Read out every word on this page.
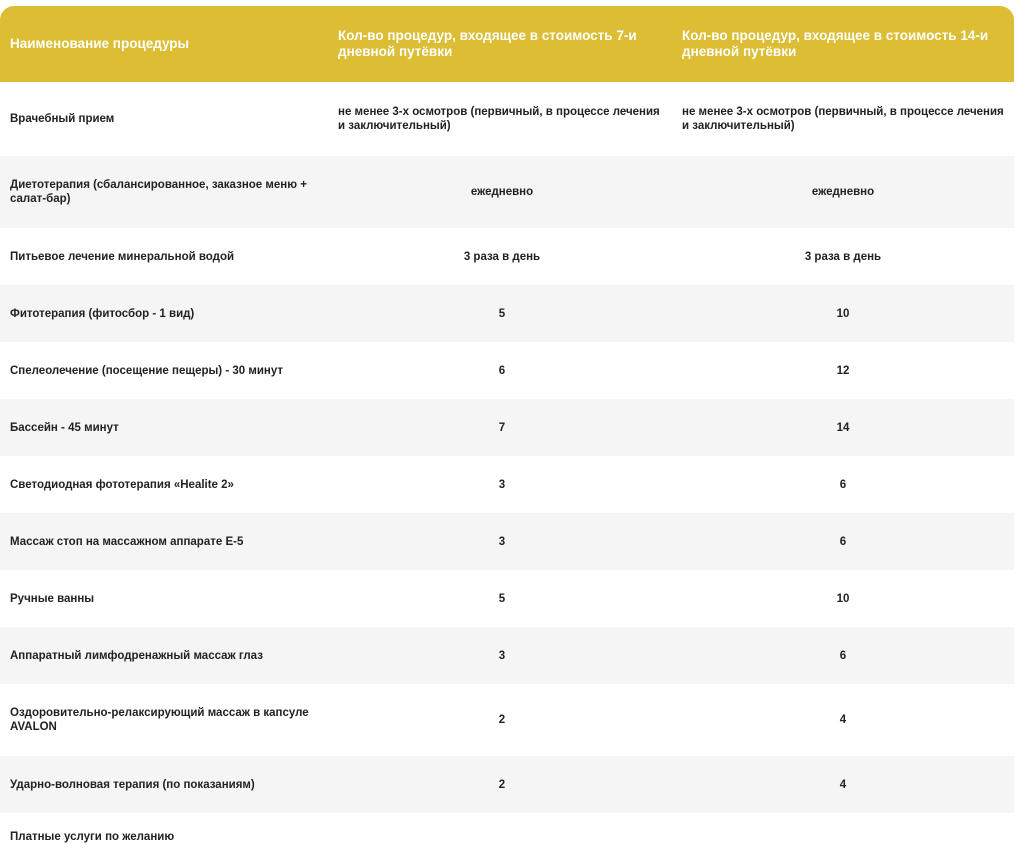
Наименование процедуры	Кол-во процедур, входящее в стоимость 7-и дневной путёвки	Кол-во процедур, входящее в стоимость 14-и дневной путёвки
Врачебный прием	не менее 3-х осмотров (первичный, в процессе лечения и заключительный)	не менее 3-х осмотров (первичный, в процессе лечения и заключительный)
Диетотерапия (сбалансированное, заказное меню + салат-бар)	ежедневно	ежедневно
Питьевое лечение минеральной водой	3 раза в день	3 раза в день
Фитотерапия (фитосбор - 1 вид)	5	10
Спелеолечение (посещение пещеры) - 30 минут	6	12
Бассейн - 45 минут	7	14
Светодиодная фототерапия «Healite 2»	3	6
Массаж стоп на массажном аппарате Е-5	3	6
Ручные ванны	5	10
Аппаратный лимфодренажный массаж глаз	3	6
Оздоровительно-релаксирующий массаж в капсуле AVALON	2	4
Ударно-волновая терапия (по показаниям)	2	4
Платные услуги по желанию		
